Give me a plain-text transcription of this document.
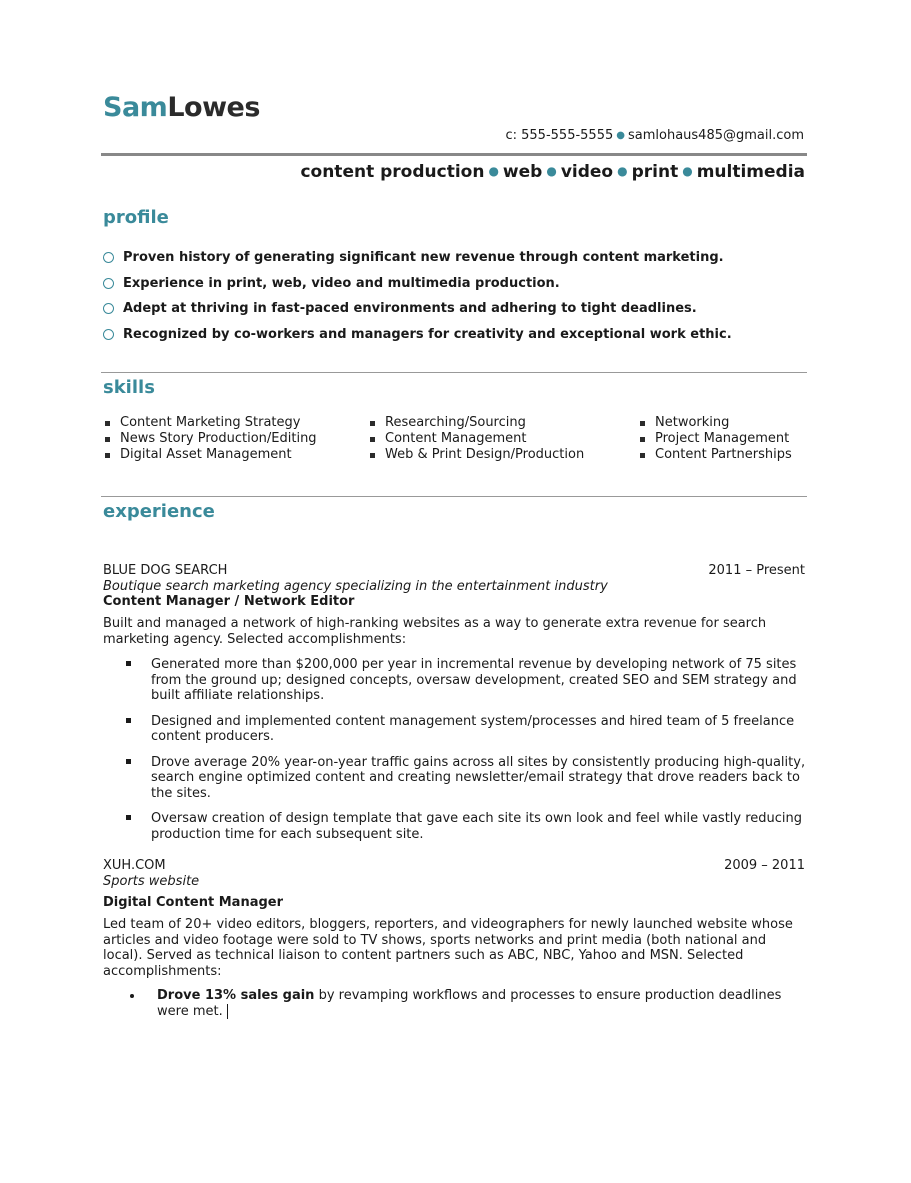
SamLowes
c: 555-555-5555 ● samlohaus485@gmail.com
content production ● web ● video ● print ● multimedia
profile
Proven history of generating significant new revenue through content marketing.
Experience in print, web, video and multimedia production.
Adept at thriving in fast-paced environments and adhering to tight deadlines.
Recognized by co-workers and managers for creativity and exceptional work ethic.
skills
Content Marketing Strategy
News Story Production/Editing
Digital Asset Management
Researching/Sourcing
Content Management
Web & Print Design/Production
Networking
Project Management
Content Partnerships
experience
BLUE DOG SEARCH	2011 – Present
Boutique search marketing agency specializing in the entertainment industry
Content Manager / Network Editor
Built and managed a network of high-ranking websites as a way to generate extra revenue for search marketing agency. Selected accomplishments:
Generated more than $200,000 per year in incremental revenue by developing network of 75 sites from the ground up; designed concepts, oversaw development, created SEO and SEM strategy and built affiliate relationships.
Designed and implemented content management system/processes and hired team of 5 freelance content producers.
Drove average 20% year-on-year traffic gains across all sites by consistently producing high-quality, search engine optimized content and creating newsletter/email strategy that drove readers back to the sites.
Oversaw creation of design template that gave each site its own look and feel while vastly reducing production time for each subsequent site.
XUH.COM	2009 – 2011
Sports website
Digital Content Manager
Led team of 20+ video editors, bloggers, reporters, and videographers for newly launched website whose articles and video footage were sold to TV shows, sports networks and print media (both national and local). Served as technical liaison to content partners such as ABC, NBC, Yahoo and MSN. Selected accomplishments:
Drove 13% sales gain by revamping workflows and processes to ensure production deadlines were met.
